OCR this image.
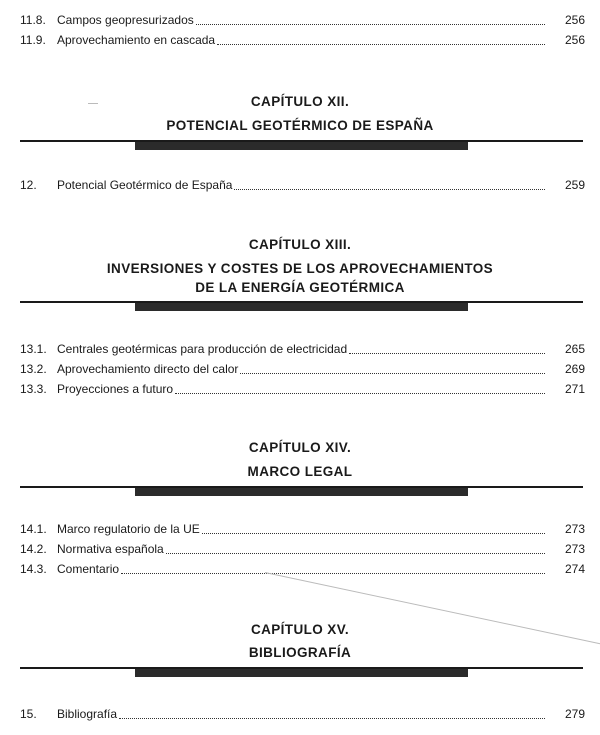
11.8. Campos geopresurizados	256
11.9. Aprovechamiento en cascada	256
CAPÍTULO XII.
POTENCIAL GEOTÉRMICO DE ESPAÑA
12.	Potencial Geotérmico de España	259
CAPÍTULO XIII.
INVERSIONES Y COSTES DE LOS APROVECHAMIENTOS
DE LA ENERGÍA GEOTÉRMICA
13.1. Centrales geotérmicas para producción de electricidad	265
13.2. Aprovechamiento directo del calor	269
13.3. Proyecciones a futuro	271
CAPÍTULO XIV.
MARCO LEGAL
14.1. Marco regulatorio de la UE	273
14.2. Normativa española	273
14.3. Comentario	274
CAPÍTULO XV.
BIBLIOGRAFÍA
15.	Bibliografía	279
